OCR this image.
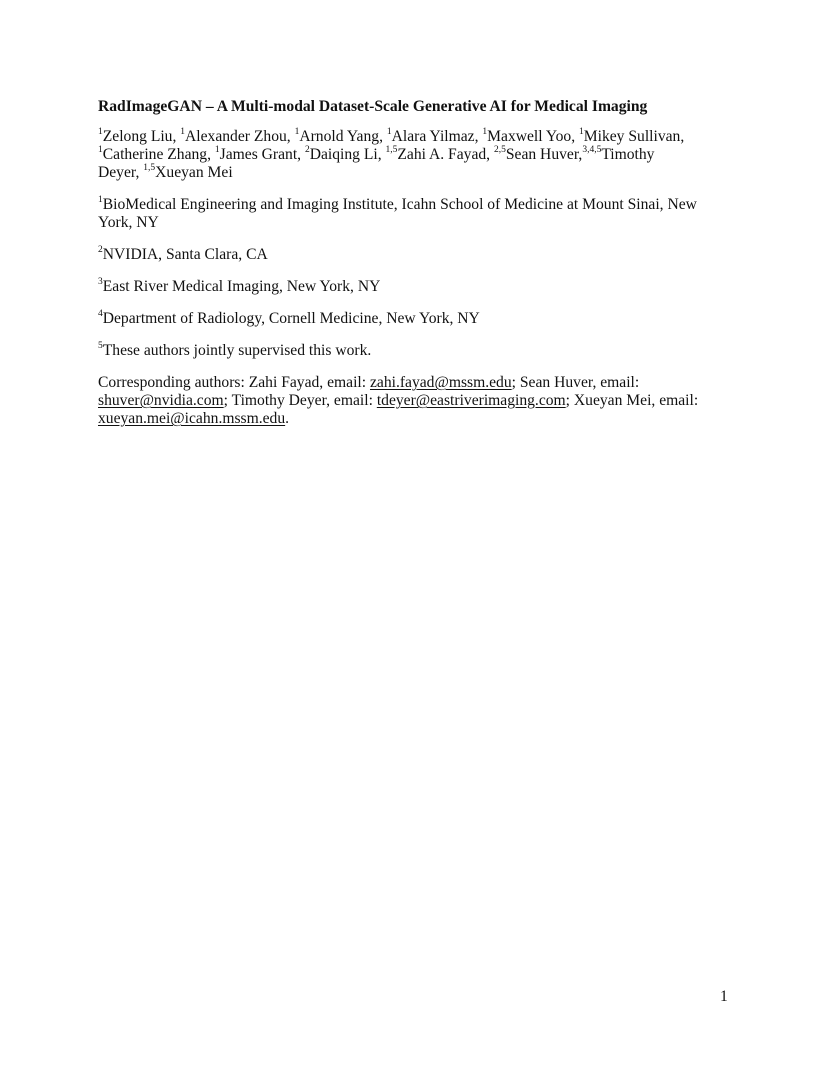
RadImageGAN – A Multi-modal Dataset-Scale Generative AI for Medical Imaging
$^1$Zelong Liu, $^1$Alexander Zhou, $^1$Arnold Yang, $^1$Alara Yilmaz, $^1$Maxwell Yoo, $^1$Mikey Sullivan,
$^1$Catherine Zhang, $^1$James Grant, $^2$Daiqing Li, $^{1,5}$Zahi A. Fayad, $^{2,5}$Sean Huver,$^{3,4,5}$Timothy
Deyer, $^{1,5}$Xueyan Mei
$^1$BioMedical Engineering and Imaging Institute, Icahn School of Medicine at Mount Sinai, New York, NY
$^2$NVIDIA, Santa Clara, CA
$^3$East River Medical Imaging, New York, NY
$^4$Department of Radiology, Cornell Medicine, New York, NY
$^5$These authors jointly supervised this work.
Corresponding authors: Zahi Fayad, email: zahi.fayad@mssm.edu; Sean Huver, email:
shuver@nvidia.com; Timothy Deyer, email: tdeyer@eastriverimaging.com; Xueyan Mei, email:
xueyan.mei@icahn.mssm.edu.
1
